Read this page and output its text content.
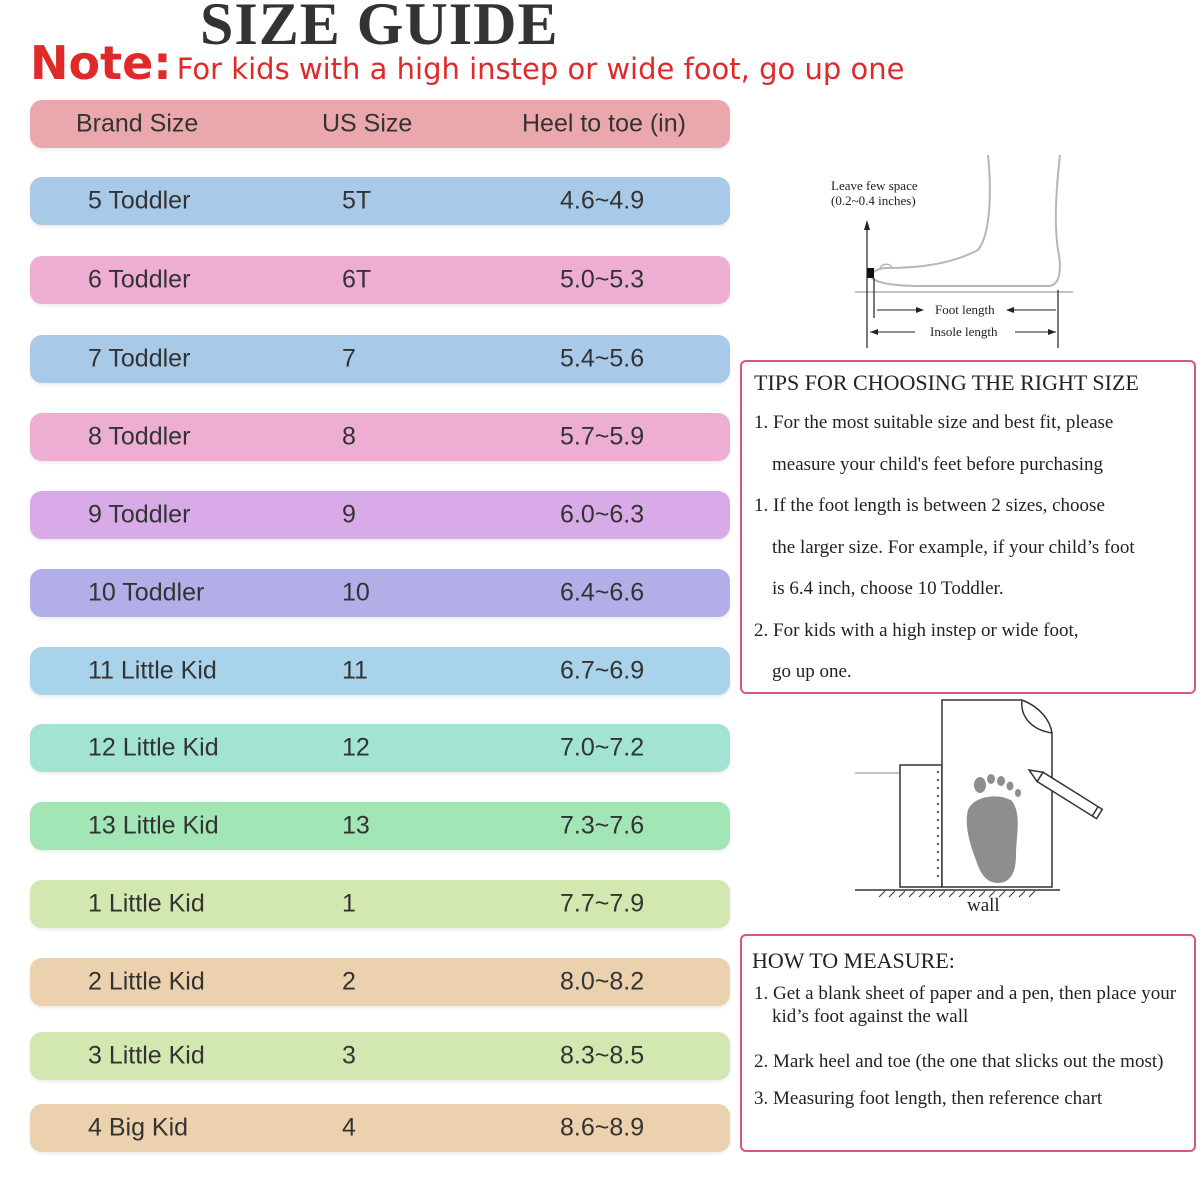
SIZE GUIDE
Note: For kids with a high instep or wide foot, go up one
Brand Size	US Size	Heel to toe (in)
5 Toddler	5T	4.6~4.9
6 Toddler	6T	5.0~5.3
7 Toddler	7	5.4~5.6
8 Toddler	8	5.7~5.9
9 Toddler	9	6.0~6.3
10 Toddler	10	6.4~6.6
11 Little Kid	11	6.7~6.9
12 Little Kid	12	7.0~7.2
13 Little Kid	13	7.3~7.6
1 Little Kid	1	7.7~7.9
2 Little Kid	2	8.0~8.2
3 Little Kid	3	8.3~8.5
4 Big Kid	4	8.6~8.9
Leave few space
(0.2~0.4 inches)
Foot length
Insole length
TIPS FOR CHOOSING THE RIGHT SIZE

1. For the most suitable size and best fit, please

measure your child's feet before purchasing

1. If the foot length is between 2 sizes, choose

the larger size. For example, if your child’s foot

is 6.4 inch, choose 10 Toddler.

2. For kids with a high instep or wide foot,

go up one.

wall
HOW TO MEASURE:

1. Get a blank sheet of paper and a pen, then place your kid’s foot against the wall

2. Mark heel and toe (the one that slicks out the most)

3. Measuring foot length, then reference chart
